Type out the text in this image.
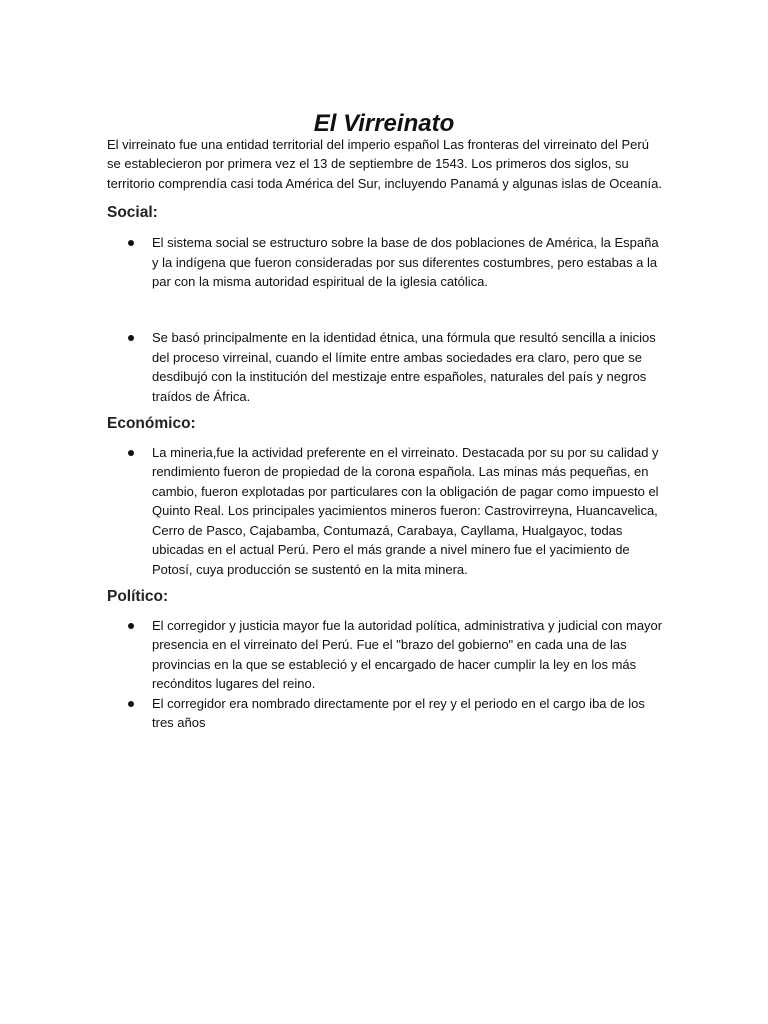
El Virreinato

El virreinato fue una entidad territorial del imperio español Las fronteras del virreinato del Perú se establecieron por primera vez el 13 de septiembre de 1543. Los primeros dos siglos, su territorio comprendía casi toda América del Sur, incluyendo Panamá y algunas islas de Oceanía.

Social:
El sistema social se estructuro sobre la base de dos poblaciones de América, la España y la indígena que fueron consideradas por sus diferentes costumbres, pero estabas a la par con la misma autoridad espiritual de la iglesia católica.
Se basó principalmente en la identidad étnica, una fórmula que resultó sencilla a inicios del proceso virreinal, cuando el límite entre ambas sociedades era claro, pero que se desdibujó con la institución del mestizaje entre españoles, naturales del país y negros traídos de África.
Económico:
La mineria,fue la actividad preferente en el virreinato. Destacada por su por su calidad y rendimiento fueron de propiedad de la corona española. Las minas más pequeñas, en cambio, fueron explotadas por particulares con la obligación de pagar como impuesto el Quinto Real. Los principales yacimientos mineros fueron: Castrovirreyna, Huancavelica, Cerro de Pasco, Cajabamba, Contumazá, Carabaya, Cayllama, Hualgayoc, todas ubicadas en el actual Perú. Pero el más grande a nivel minero fue el yacimiento de Potosí, cuya producción se sustentó en la mita minera.
Político:
El corregidor y justicia mayor fue la autoridad política, administrativa y judicial con mayor presencia en el virreinato del Perú. Fue el "brazo del gobierno" en cada una de las provincias en la que se estableció y el encargado de hacer cumplir la ley en los más recónditos lugares del reino.
El corregidor era nombrado directamente por el rey y el periodo en el cargo iba de los tres años
